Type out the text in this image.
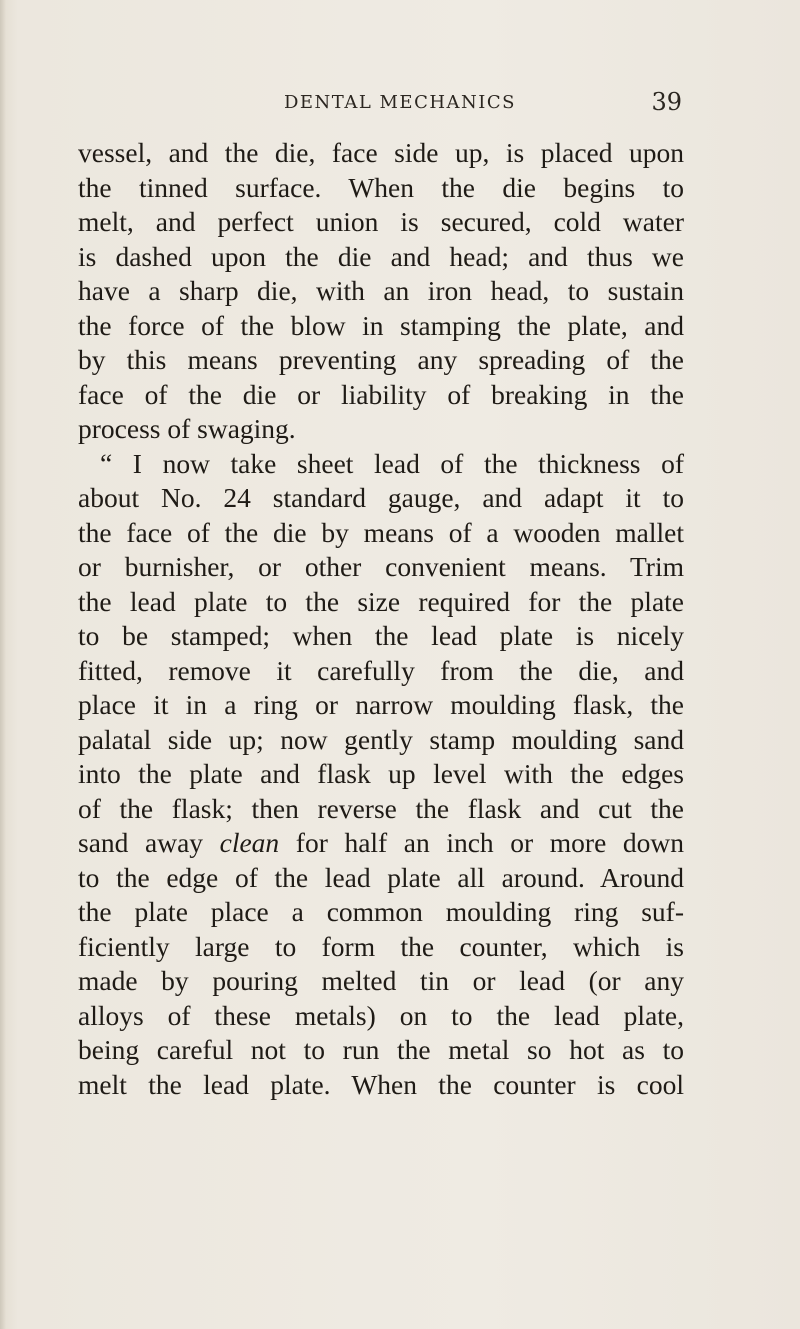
DENTAL MECHANICS	39
vessel, and the die, face side up, is placed upon
the tinned surface. When the die begins to
melt, and perfect union is secured, cold water
is dashed upon the die and head; and thus we
have a sharp die, with an iron head, to sustain
the force of the blow in stamping the plate, and
by this means preventing any spreading of the
face of the die or liability of breaking in the
process of swaging.
“ I now take sheet lead of the thickness of
about No. 24 standard gauge, and adapt it to
the face of the die by means of a wooden mallet
or burnisher, or other convenient means. Trim
the lead plate to the size required for the plate
to be stamped; when the lead plate is nicely
fitted, remove it carefully from the die, and
place it in a ring or narrow moulding flask, the
palatal side up; now gently stamp moulding sand
into the plate and flask up level with the edges
of the flask; then reverse the flask and cut the
sand away clean for half an inch or more down
to the edge of the lead plate all around. Around
the plate place a common moulding ring suf-
ficiently large to form the counter, which is
made by pouring melted tin or lead (or any
alloys of these metals) on to the lead plate,
being careful not to run the metal so hot as to
melt the lead plate. When the counter is cool
